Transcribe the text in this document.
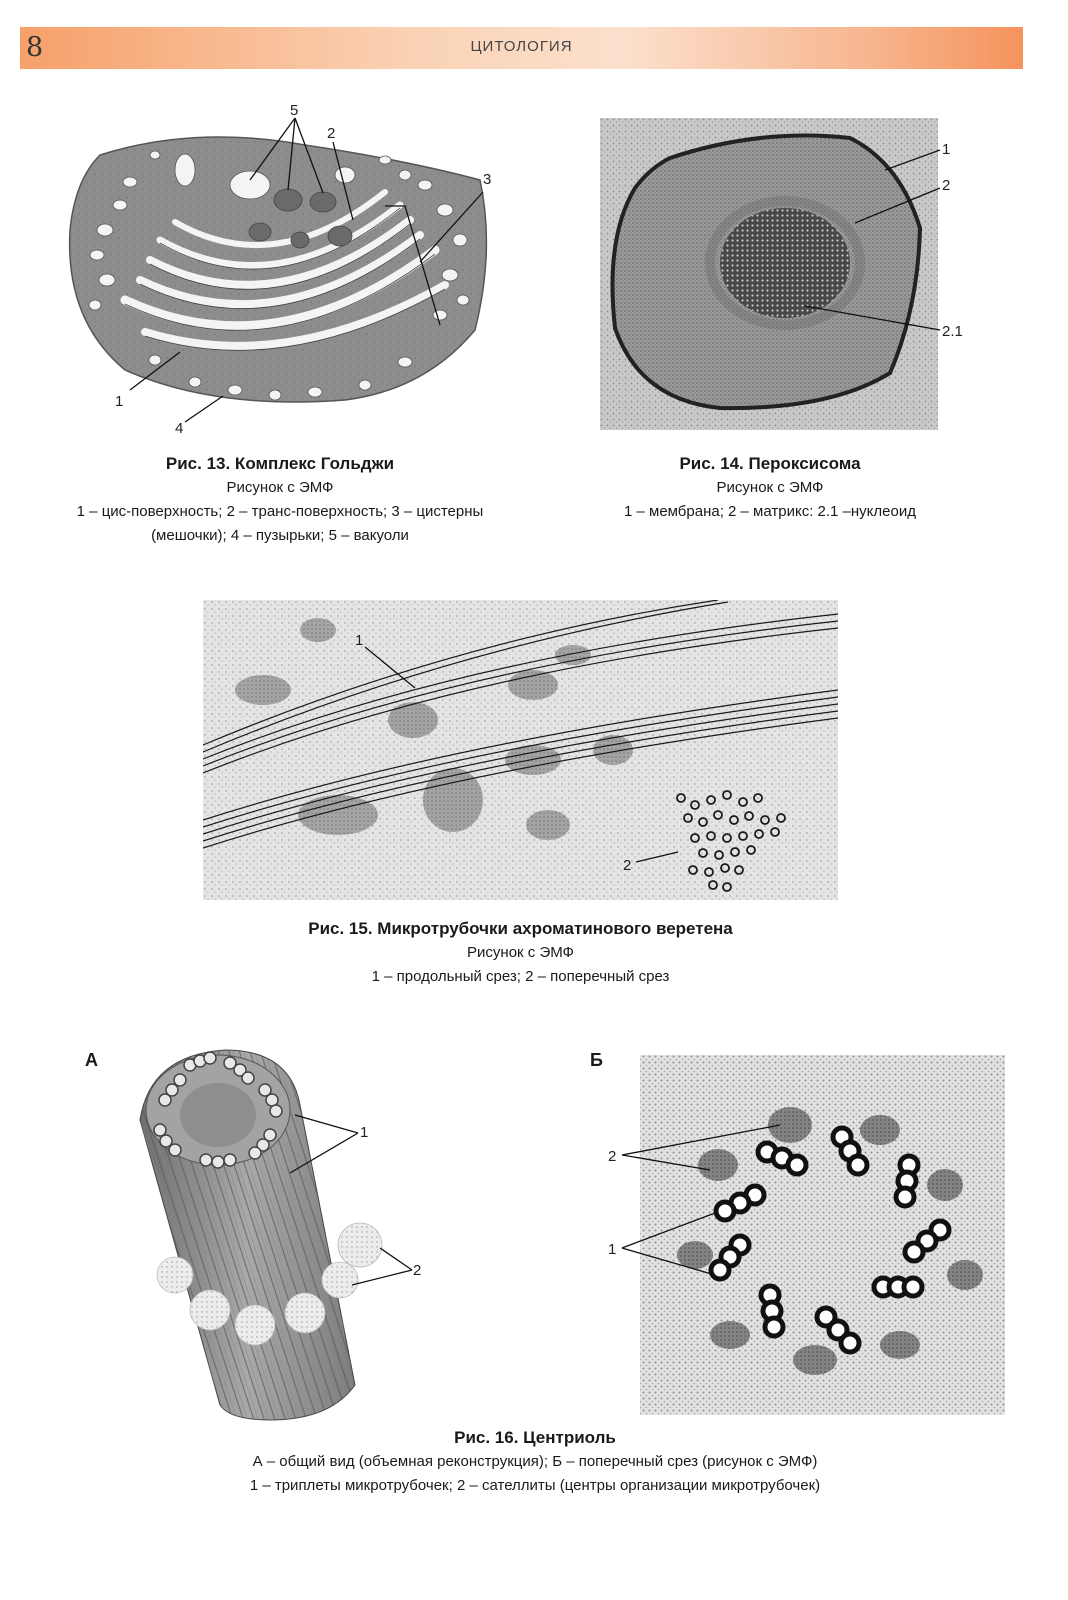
8	ЦИТОЛОГИЯ
5
2
3
1
4
Рис. 13. Комплекс Гольджи
Рисунок с ЭМФ
1 – цис-поверхность; 2 – транс-поверхность; 3 – цистерны
(мешочки); 4 – пузырьки; 5 – вакуоли
1
2
2.1
Рис. 14. Пероксисома
Рисунок с ЭМФ
1 – мембрана; 2 – матрикс: 2.1 –нуклеоид
1
2
Рис. 15. Микротрубочки ахроматинового веретена
Рисунок с ЭМФ
1 – продольный срез; 2 – поперечный срез
А
1
2
Б
2
1
Рис. 16. Центриоль
А – общий вид (объемная реконструкция); Б – поперечный срез (рисунок с ЭМФ)
1 – триплеты микротрубочек; 2 – сателлиты (центры организации микротрубочек)
